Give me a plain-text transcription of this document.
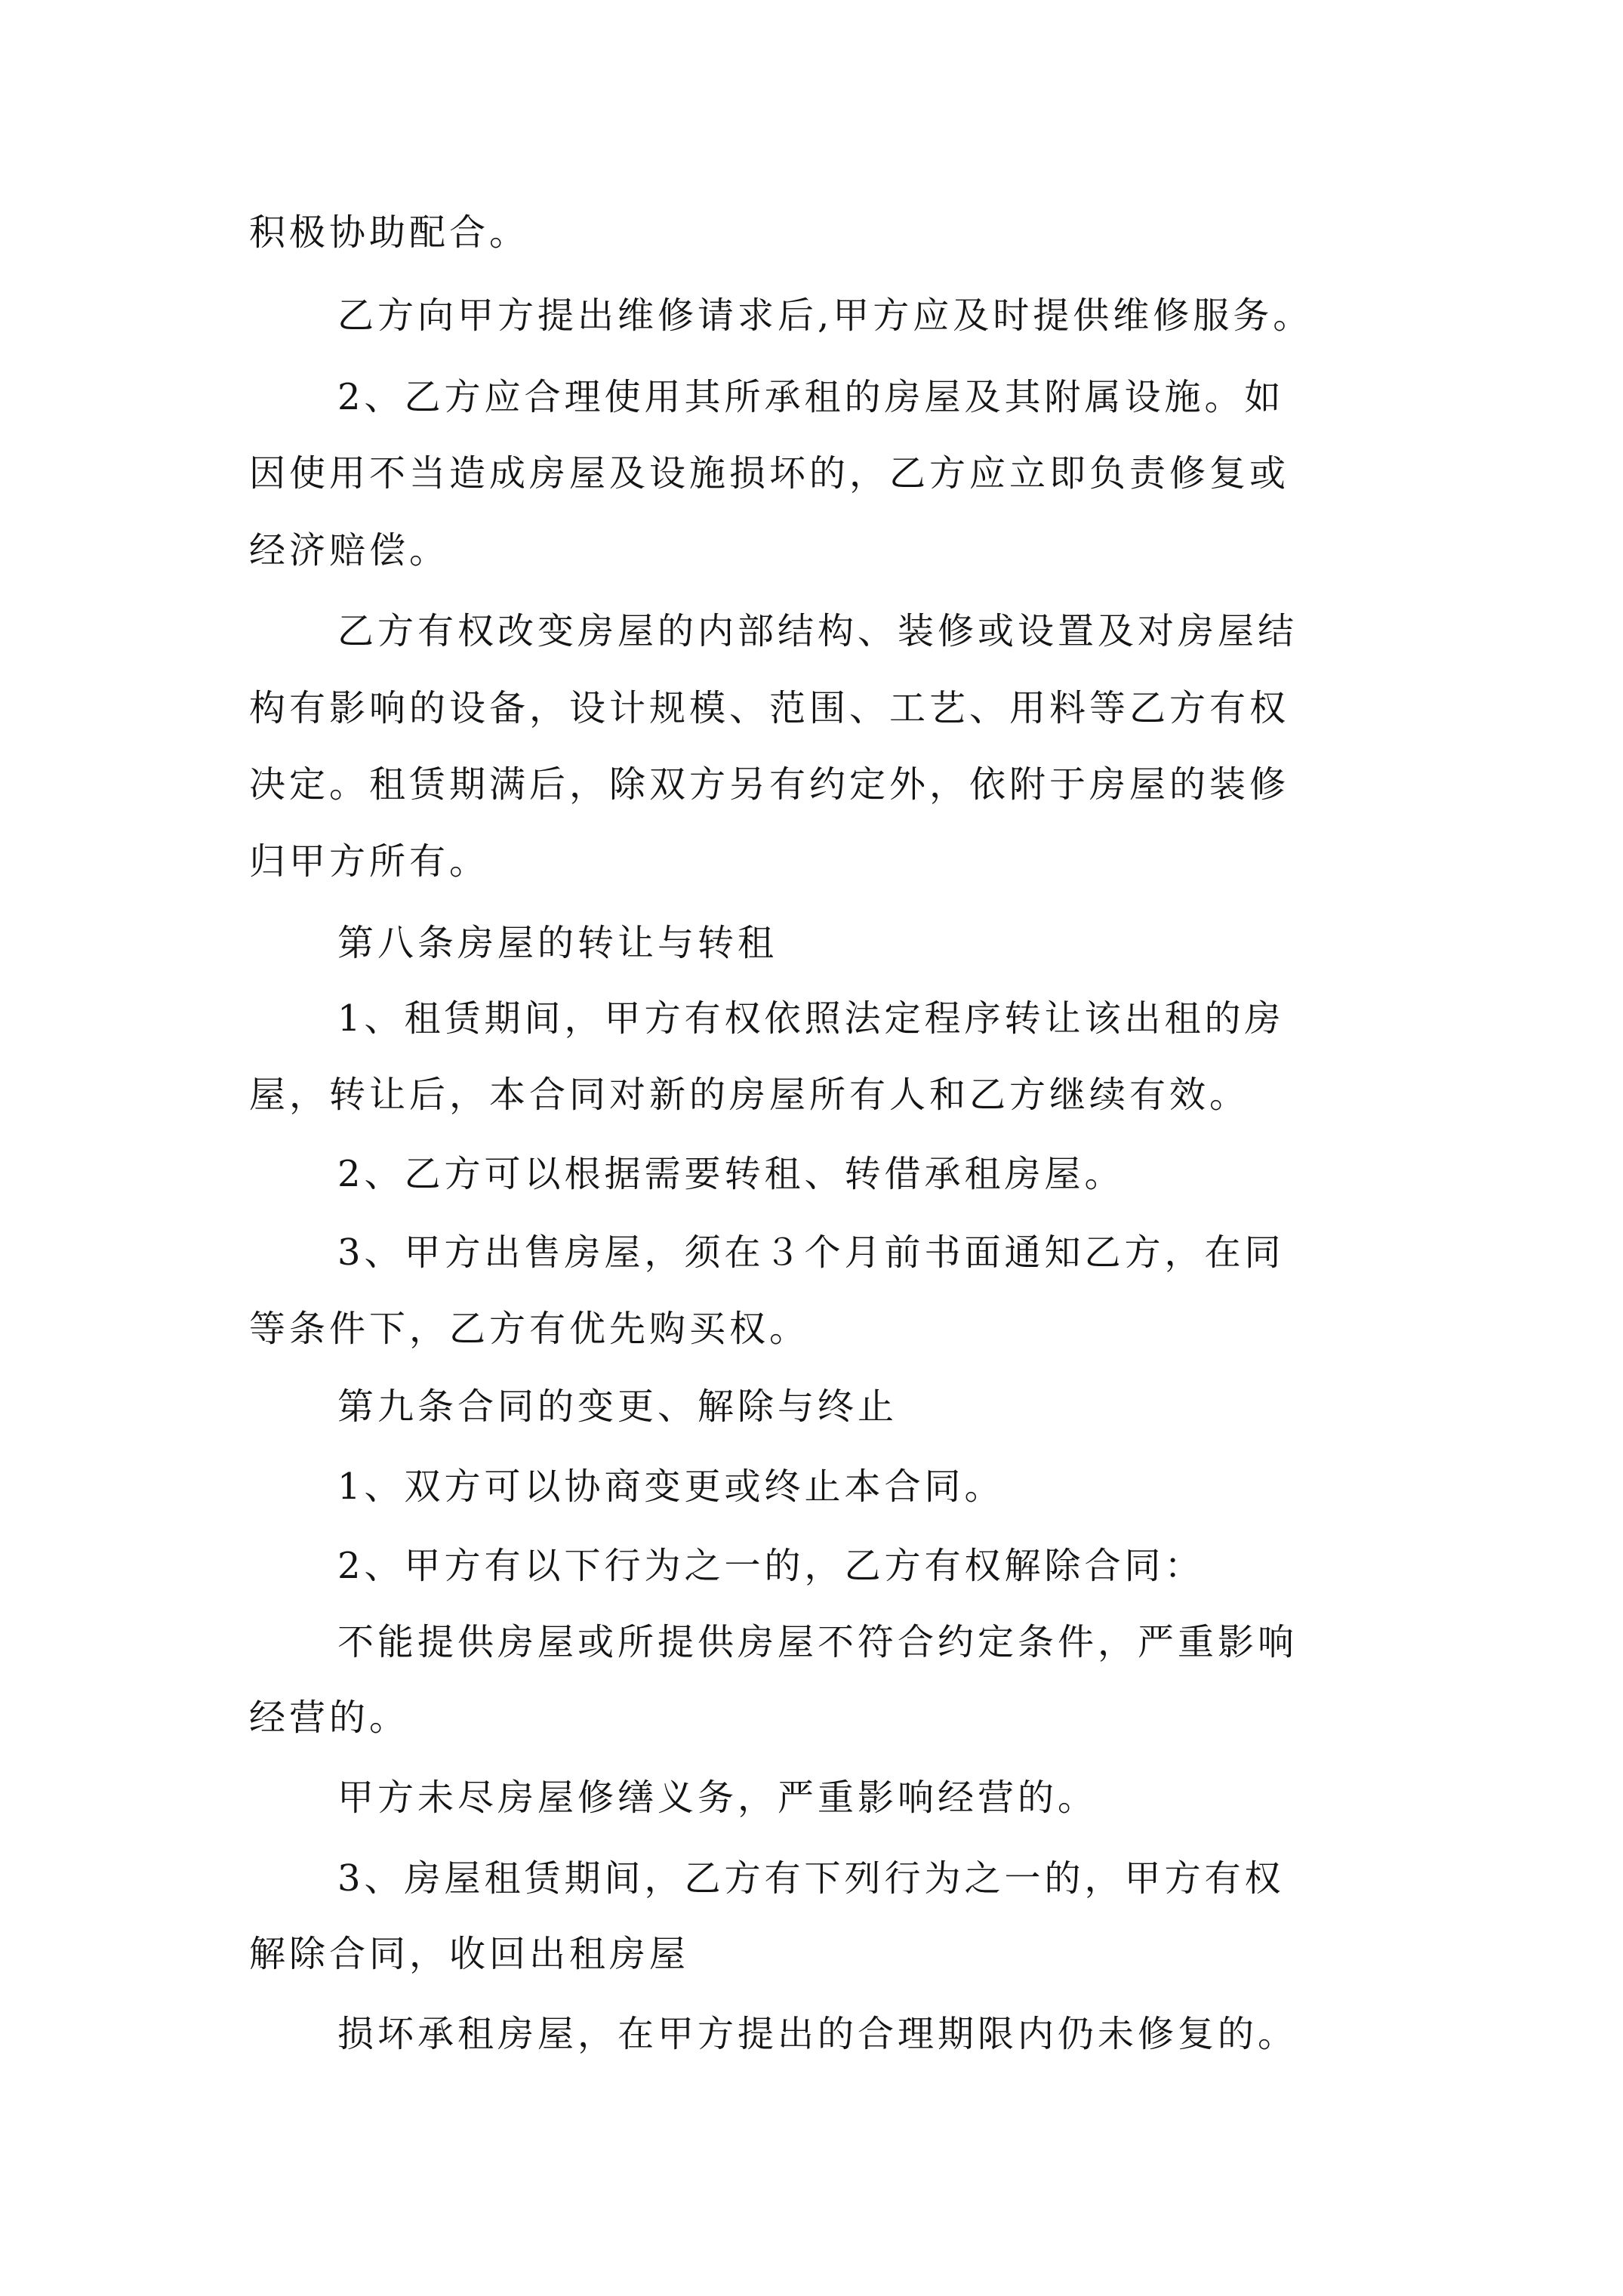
积极协助配合。
乙方向甲方提出维修请求后,甲方应及时提供维修服务。
2、乙方应合理使用其所承租的房屋及其附属设施。如
因使用不当造成房屋及设施损坏的，乙方应立即负责修复或
经济赔偿。
乙方有权改变房屋的内部结构、装修或设置及对房屋结
构有影响的设备，设计规模、范围、工艺、用料等乙方有权
决定。租赁期满后，除双方另有约定外，依附于房屋的装修
归甲方所有。
第八条房屋的转让与转租
1、租赁期间，甲方有权依照法定程序转让该出租的房
屋，转让后，本合同对新的房屋所有人和乙方继续有效。
2、乙方可以根据需要转租、转借承租房屋。
3、甲方出售房屋，须在３个月前书面通知乙方，在同
等条件下，乙方有优先购买权。
第九条合同的变更、解除与终止
1、双方可以协商变更或终止本合同。
2、甲方有以下行为之一的，乙方有权解除合同：
不能提供房屋或所提供房屋不符合约定条件，严重影响
经营的。
甲方未尽房屋修缮义务，严重影响经营的。
3、房屋租赁期间，乙方有下列行为之一的，甲方有权
解除合同，收回出租房屋
损坏承租房屋，在甲方提出的合理期限内仍未修复的。
